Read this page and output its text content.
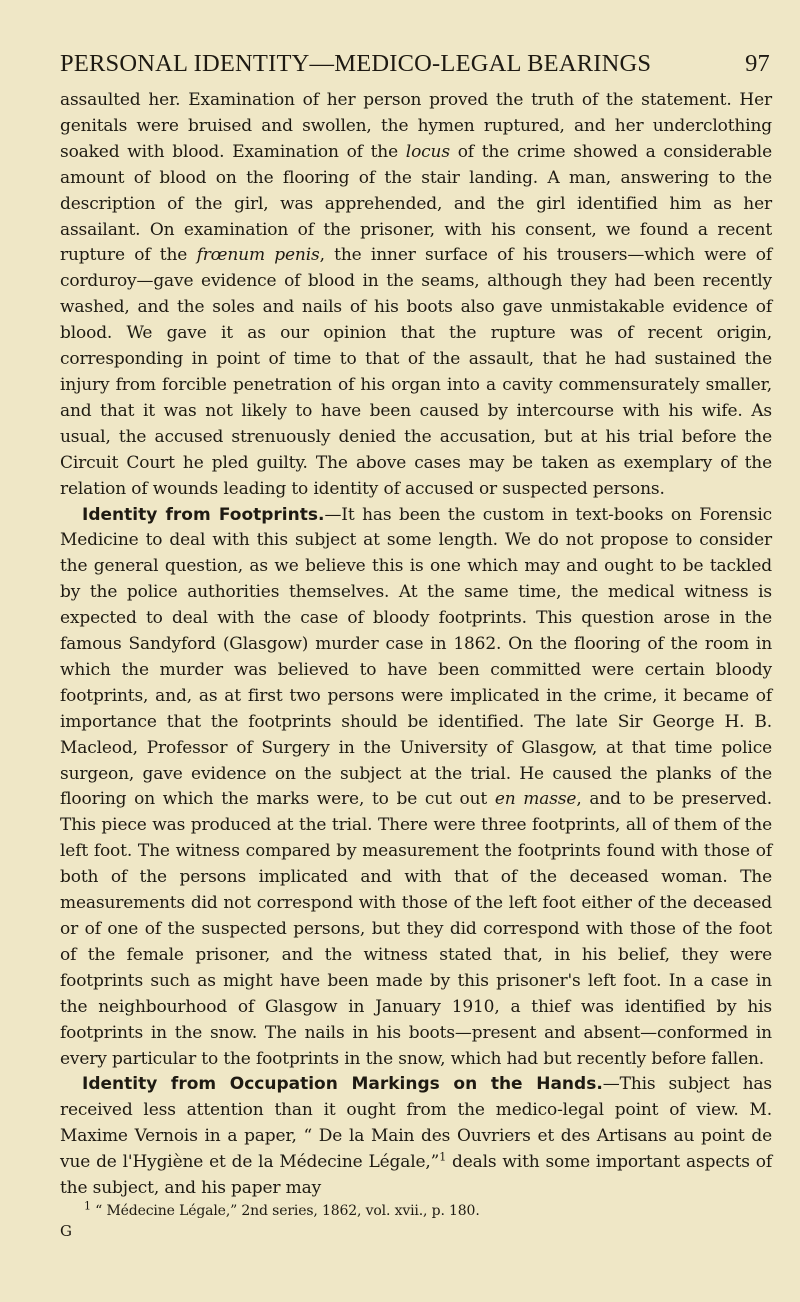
PERSONAL IDENTITY—MEDICO-LEGAL BEARINGS	97

assaulted her. Examination of her person proved the truth of the statement. Her genitals were bruised and swollen, the hymen ruptured, and her underclothing soaked with blood. Examination of the locus of the crime showed a considerable amount of blood on the flooring of the stair landing. A man, answering to the description of the girl, was apprehended, and the girl identified him as her assailant. On examination of the prisoner, with his consent, we found a recent rupture of the frœnum penis, the inner surface of his trousers—which were of corduroy—gave evidence of blood in the seams, although they had been recently washed, and the soles and nails of his boots also gave unmistakable evidence of blood. We gave it as our opinion that the rupture was of recent origin, corresponding in point of time to that of the assault, that he had sustained the injury from forcible penetration of his organ into a cavity commensurately smaller, and that it was not likely to have been caused by intercourse with his wife. As usual, the accused strenuously denied the accusation, but at his trial before the Circuit Court he pled guilty. The above cases may be taken as exemplary of the relation of wounds leading to identity of accused or suspected persons.

Identity from Footprints.—It has been the custom in text-books on Forensic Medicine to deal with this subject at some length. We do not propose to consider the general question, as we believe this is one which may and ought to be tackled by the police authorities themselves. At the same time, the medical witness is expected to deal with the case of bloody footprints. This question arose in the famous Sandyford (Glasgow) murder case in 1862. On the flooring of the room in which the murder was believed to have been committed were certain bloody footprints, and, as at first two persons were implicated in the crime, it became of importance that the footprints should be identified. The late Sir George H. B. Macleod, Professor of Surgery in the University of Glasgow, at that time police surgeon, gave evidence on the subject at the trial. He caused the planks of the flooring on which the marks were, to be cut out en masse, and to be preserved. This piece was produced at the trial. There were three footprints, all of them of the left foot. The witness compared by measurement the footprints found with those of both of the persons implicated and with that of the deceased woman. The measurements did not correspond with those of the left foot either of the deceased or of one of the suspected persons, but they did correspond with those of the foot of the female prisoner, and the witness stated that, in his belief, they were footprints such as might have been made by this prisoner's left foot. In a case in the neighbourhood of Glasgow in January 1910, a thief was identified by his footprints in the snow. The nails in his boots—present and absent—conformed in every particular to the footprints in the snow, which had but recently before fallen.

Identity from Occupation Markings on the Hands.—This subject has received less attention than it ought from the medico-legal point of view. M. Maxime Vernois in a paper, “ De la Main des Ouvriers et des Artisans au point de vue de l'Hygiène et de la Médecine Légale,”$^1$ deals with some important aspects of the subject, and his paper may

$^1$ “ Médecine Légale,” 2nd series, 1862, vol. xvii., p. 180.

G
